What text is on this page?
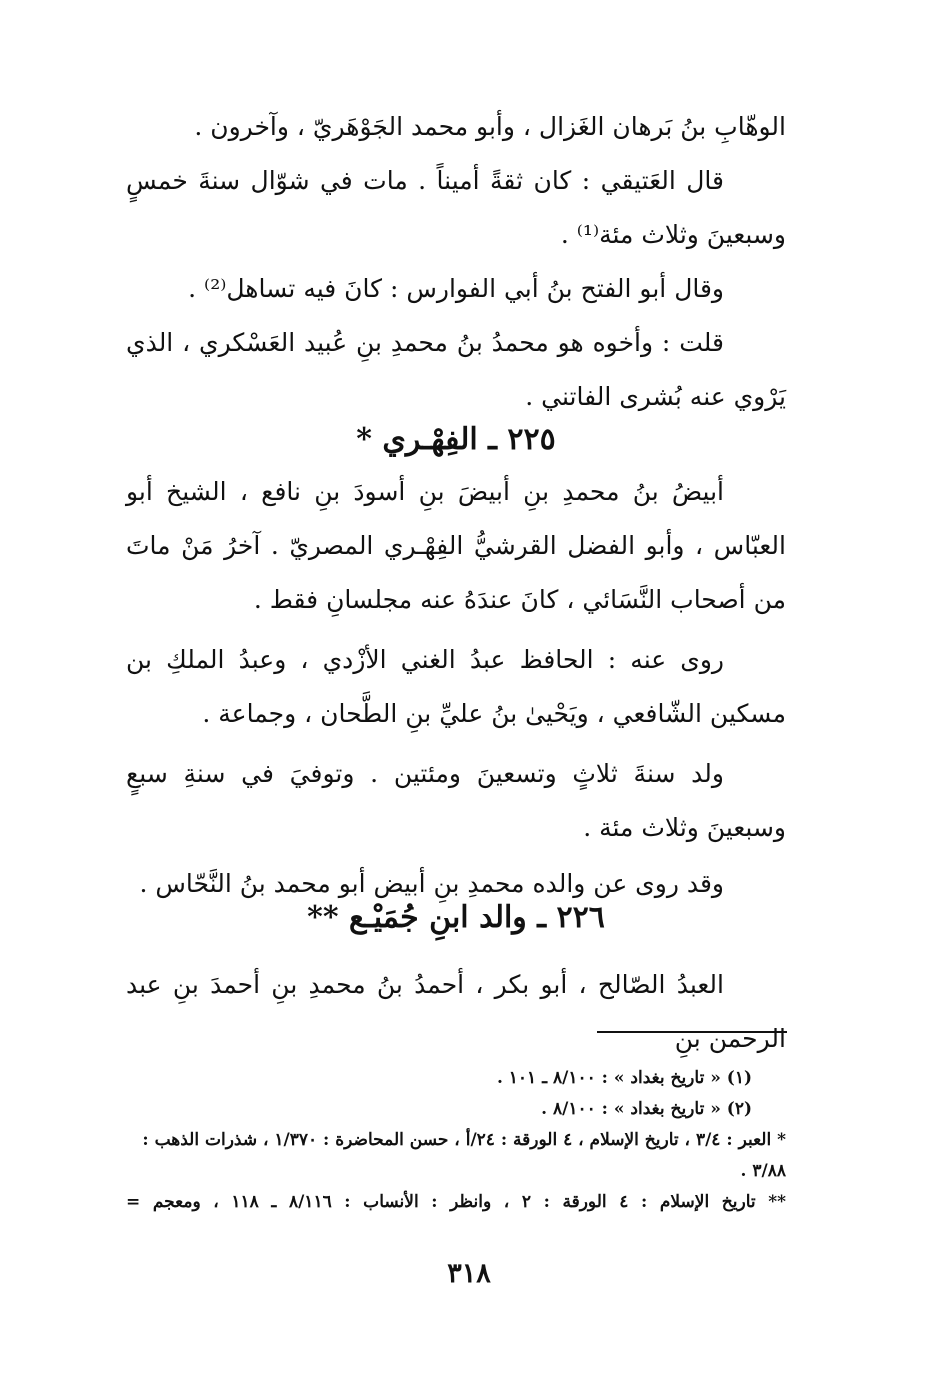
الوهّابِ بنُ بَرهان الغَزال ، وأبو محمد الجَوْهَريّ ، وآخرون .

قال العَتيقي : كان ثقةً أميناً . مات في شوّال سنةَ خمسٍ وسبعينَ وثلاث مئة⁽¹⁾ .

وقال أبو الفتح بنُ أبي الفوارس : كانَ فيه تساهل⁽²⁾ .

قلت : وأخوه هو محمدُ بنُ محمدِ بنِ عُبيد العَسْكري ، الذي يَرْوي عنه بُشرى الفاتني .

٢٢٥ ـ الفِهْـري *

أبيضُ بنُ محمدِ بنِ أبيضَ بنِ أسودَ بنِ نافع ، الشيخ أبو العبّاس ، وأبو الفضل القرشيُّ الفِهْـري المصريّ . آخرُ مَنْ ماتَ من أصحاب النَّسَائي ، كانَ عندَهُ عنه مجلسانِ فقط .

روى عنه : الحافظ عبدُ الغني الأزْدي ، وعبدُ الملكِ بن مسكين الشّافعي ، ويَحْيىٰ بنُ عليِّ بنِ الطَّحان ، وجماعة .

ولد سنةَ ثلاثٍ وتسعينَ ومئتين . وتوفيَ في سنةِ سبعٍ وسبعينَ وثلاث مئة .

وقد روى عن والده محمدِ بنِ أبيض أبو محمد بنُ النَّحّاس .

٢٢٦ ـ والد ابنِ جُمَيْـع **

العبدُ الصّالح ، أبو بكر ، أحمدُ بنُ محمدِ بنِ أحمدَ بنِ عبد الرحمن بنِ

(١) « تاريخ بغداد » : ٨/١٠٠ ـ ١٠١ .

(٢) « تاريخ بغداد » : ٨/١٠٠ .

* العبر : ٣/٤ ، تاريخ الإسلام ، ٤ الورقة : ٢٤/أ ، حسن المحاضرة : ١/٣٧٠ ، شذرات الذهب : ٣/٨٨ .

** تاريخ الإسلام : ٤ الورقة : ٢ ، وانظر : الأنساب : ٨/١١٦ ـ ١١٨ ، ومعجم =

٣١٨
